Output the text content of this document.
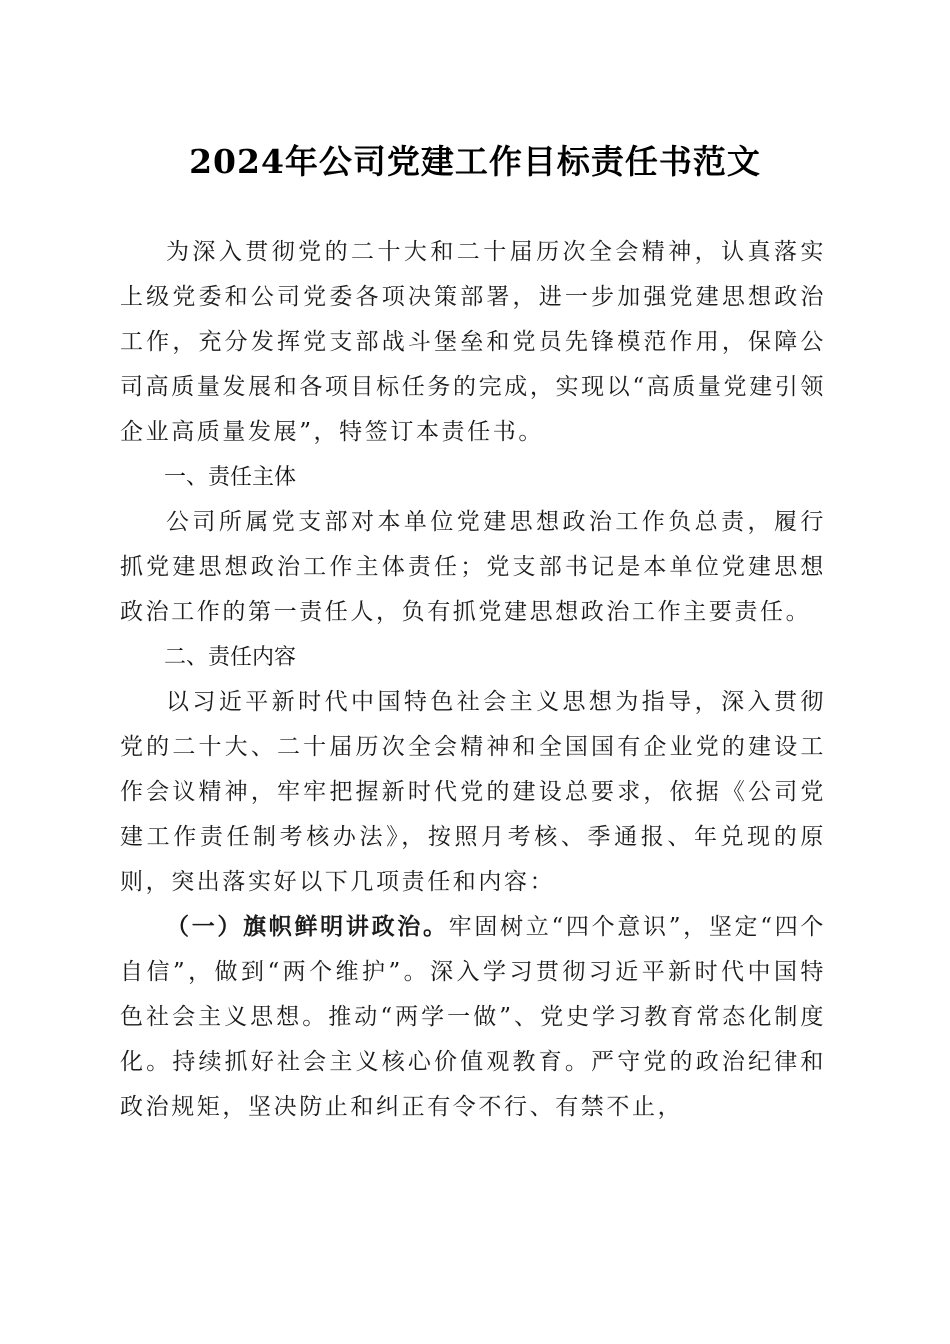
2024年公司党建工作目标责任书范文

为深入贯彻党的二十大和二十届历次全会精神，认真落实上级党委和公司党委各项决策部署，进一步加强党建思想政治工作，充分发挥党支部战斗堡垒和党员先锋模范作用，保障公司高质量发展和各项目标任务的完成，实现以“高质量党建引领企业高质量发展”，特签订本责任书。

一、责任主体

公司所属党支部对本单位党建思想政治工作负总责，履行抓党建思想政治工作主体责任；党支部书记是本单位党建思想政治工作的第一责任人，负有抓党建思想政治工作主要责任。

二、责任内容

以习近平新时代中国特色社会主义思想为指导，深入贯彻党的二十大、二十届历次全会精神和全国国有企业党的建设工作会议精神，牢牢把握新时代党的建设总要求，依据《公司党建工作责任制考核办法》，按照月考核、季通报、年兑现的原则，突出落实好以下几项责任和内容：

（一）旗帜鲜明讲政治。牢固树立“四个意识”，坚定“四个自信”，做到“两个维护”。深入学习贯彻习近平新时代中国特色社会主义思想。推动“两学一做”、党史学习教育常态化制度化。持续抓好社会主义核心价值观教育。严守党的政治纪律和政治规矩，坚决防止和纠正有令不行、有禁不止，
